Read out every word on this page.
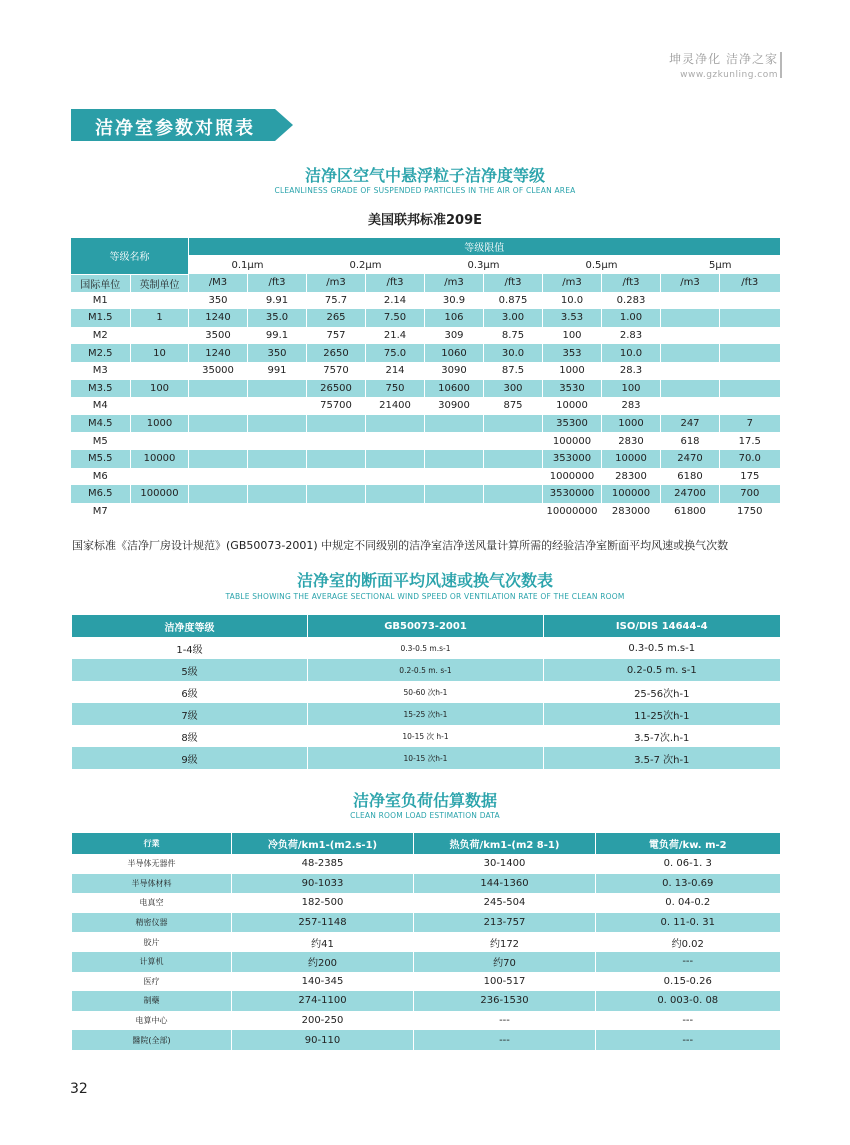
坤灵净化 洁净之家
www.gzkunling.com
洁净室参数对照表
洁净区空气中悬浮粒子洁净度等级
CLEANLINESS GRADE OF SUSPENDED PARTICLES IN THE AIR OF CLEAN AREA
美国联邦标准209E
等级名称		等级限值									
		0.1μm		0.2μm		0.3μm		0.5μm		5μm	
国际单位	英制单位	/M3	/ft3	/m3	/ft3	/m3	/ft3	/m3	/ft3	/m3	/ft3
M1		350	9.91	75.7	2.14	30.9	0.875	10.0	0.283		
M1.5	1	1240	35.0	265	7.50	106	3.00	3.53	1.00		
M2		3500	99.1	757	21.4	309	8.75	100	2.83		
M2.5	10	1240	350	2650	75.0	1060	30.0	353	10.0		
M3		35000	991	7570	214	3090	87.5	1000	28.3		
M3.5	100			26500	750	10600	300	3530	100		
M4				75700	21400	30900	875	10000	283		
M4.5	1000							35300	1000	247	7
M5								100000	2830	618	17.5
M5.5	10000							353000	10000	2470	70.0
M6								1000000	28300	6180	175
M6.5	100000							3530000	100000	24700	700
M7								10000000	283000	61800	1750
国家标准《洁净厂房设计规范》(GB50073-2001) 中规定不同级别的洁净室洁净送风量计算所需的经验洁净室断面平均风速或换气次数
洁净室的断面平均风速或换气次数表
TABLE SHOWING THE AVERAGE SECTIONAL WIND SPEED OR VENTILATION RATE OF THE CLEAN ROOM
洁净度等级	GB50073-2001	ISO/DIS 14644-4
1-4级	0.3-0.5 m.s-1	0.3-0.5 m.s-1
5级	0.2-0.5 m. s-1	0.2-0.5 m. s-1
6级	50-60 次h-1	25-56次h-1
7级	15-25 次h-1	11-25次h-1
8级	10-15 次 h-1	3.5-7次.h-1
9级	10-15 次h-1	3.5-7 次h-1
洁净室负荷估算数据
CLEAN ROOM LOAD ESTIMATION DATA
行業	冷负荷/km1-(m2.s-1)	热负荷/km1-(m2 8-1)	電负荷/kw. m-2
半导体无器件	48-2385	30-1400	0. 06-1. 3
半导体材料	90-1033	144-1360	0. 13-0.69
电真空	182-500	245-504	0. 04-0.2
精密仪器	257-1148	213-757	0. 11-0. 31
胶片	约41	约172	约0.02
计算机	约200	约70	---
医疗	140-345	100-517	0.15-0.26
制藥	274-1100	236-1530	0. 003-0. 08
电算中心	200-250	---	---
醫院(全部)	90-110	---	---
32
